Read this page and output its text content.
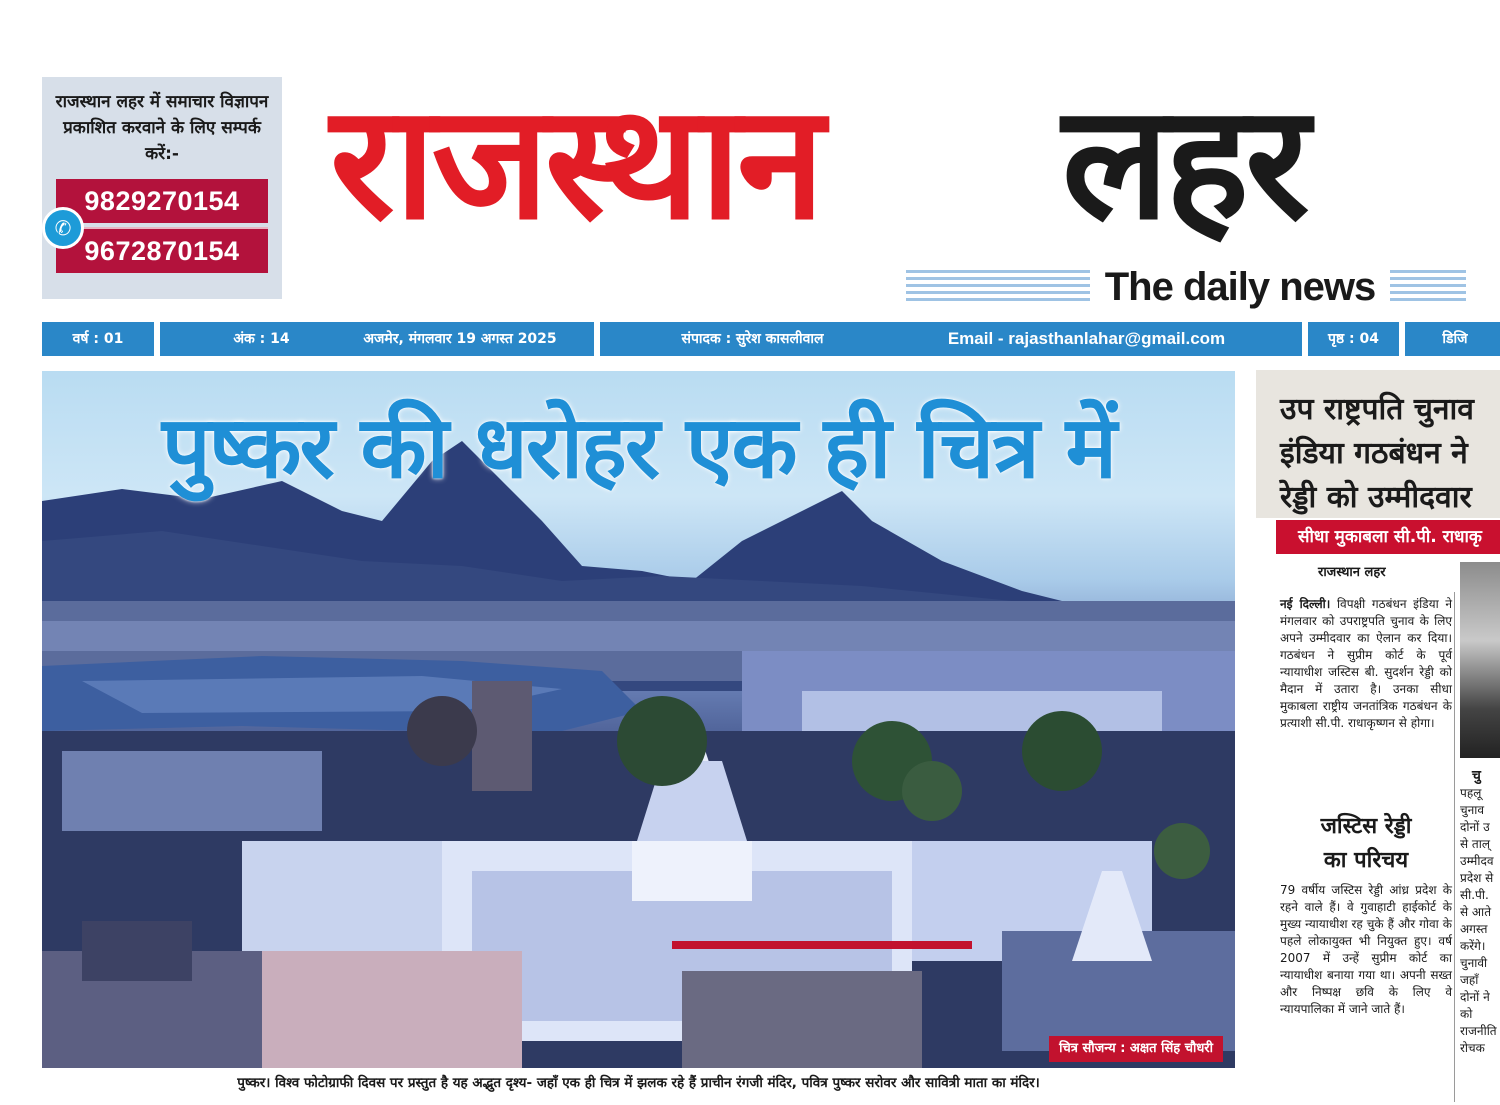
राजस्थान लहर में समाचार विज्ञापन प्रकाशित करवाने के लिए सम्पर्क करें:-
9829270154
9672870154
✆ राजस्थान	लहर
The daily news
वर्ष : 01	अंक : 14	अजमेर, मंगलवार 19 अगस्त 2025	संपादक : सुरेश कासलीवाल	Email - rajasthanlahar@gmail.com	पृष्ठ : 04	डिजि
पुष्कर की धरोहर एक ही चित्र में
चित्र सौजन्य : अक्षत सिंह चौधरी
पुष्कर। विश्व फोटोग्राफी दिवस पर प्रस्तुत है यह अद्भुत दृश्य- जहाँ एक ही चित्र में झलक रहे हैं प्राचीन रंगजी मंदिर, पवित्र पुष्कर सरोवर और सावित्री माता का मंदिर।
उप राष्ट्रपति चुनाव
इंडिया गठबंधन ने
रेड्डी को उम्मीदवार
सीधा मुकाबला सी.पी. राधाकृ
राजस्थान लहर
नई दिल्ली। विपक्षी गठबंधन इंडिया ने मंगलवार को उपराष्ट्रपति चुनाव के लिए अपने उम्मीदवार का ऐलान कर दिया। गठबंधन ने सुप्रीम कोर्ट के पूर्व न्यायाधीश जस्टिस बी. सुदर्शन रेड्डी को मैदान में उतारा है। उनका सीधा मुकाबला राष्ट्रीय जनतांत्रिक गठबंधन के प्रत्याशी सी.पी. राधाकृष्णन से होगा।
जस्टिस रेड्डी
का परिचय
79 वर्षीय जस्टिस रेड्डी आंध्र प्रदेश के रहने वाले हैं। वे गुवाहाटी हाईकोर्ट के मुख्य न्यायाधीश रह चुके हैं और गोवा के पहले लोकायुक्त भी नियुक्त हुए। वर्ष 2007 में उन्हें सुप्रीम कोर्ट का न्यायाधीश बनाया गया था। अपनी सख्त और निष्पक्ष छवि के लिए वे न्यायपालिका में जाने जाते हैं।
चु
पहलू
चुनाव
दोनों उ
से ताल्
उम्मीदव
प्रदेश से
सी.पी.
से आते
अगस्त
करेंगे।
चुनावी
जहाँ
दोनों ने
को
राजनीति
रोचक
